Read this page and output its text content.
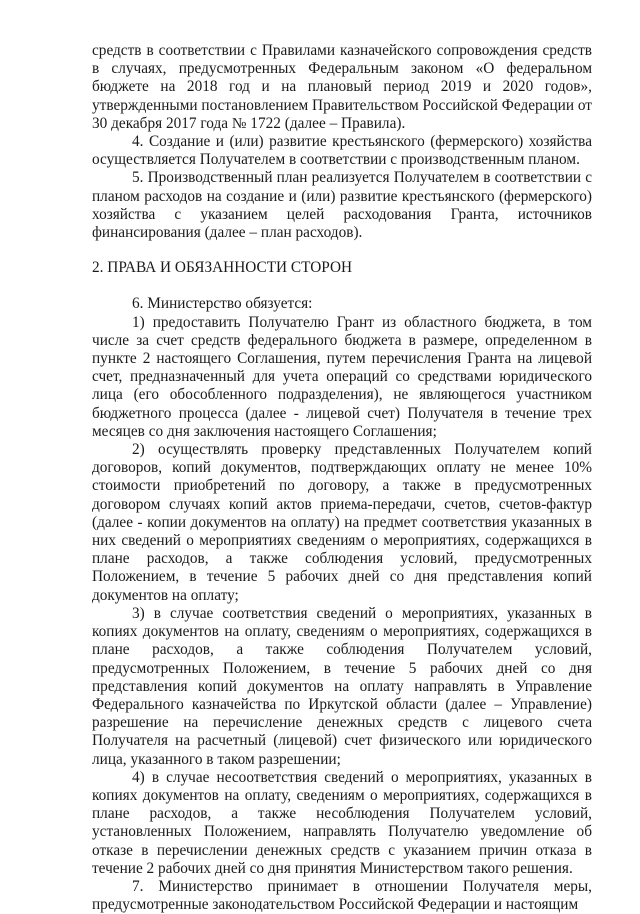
средств в соответствии с Правилами казначейского сопровождения средств в случаях, предусмотренных Федеральным законом «О федеральном бюджете на 2018 год и на плановый период 2019 и 2020 годов», утвержденными постановлением Правительством Российской Федерации от 30 декабря 2017 года № 1722 (далее – Правила).

4. Создание и (или) развитие крестьянского (фермерского) хозяйства осуществляется Получателем в соответствии с производственным планом.

5. Производственный план реализуется Получателем в соответствии с планом расходов на создание и (или) развитие крестьянского (фермерского) хозяйства с указанием целей расходования Гранта, источников финансирования (далее – план расходов).

2. ПРАВА И ОБЯЗАННОСТИ СТОРОН

6. Министерство обязуется:

1) предоставить Получателю Грант из областного бюджета, в том числе за счет средств федерального бюджета в размере, определенном в пункте 2 настоящего Соглашения, путем перечисления Гранта на лицевой счет, предназначенный для учета операций со средствами юридического лица (его обособленного подразделения), не являющегося участником бюджетного процесса (далее - лицевой счет) Получателя в течение трех месяцев со дня заключения настоящего Соглашения;

2) осуществлять проверку представленных Получателем копий договоров, копий документов, подтверждающих оплату не менее 10% стоимости приобретений по договору, а также в предусмотренных договором случаях копий актов приема-передачи, счетов, счетов-фактур (далее - копии документов на оплату) на предмет соответствия указанных в них сведений о мероприятиях сведениям о мероприятиях, содержащихся в плане расходов, а также соблюдения условий, предусмотренных Положением, в течение 5 рабочих дней со дня представления копий документов на оплату;

3) в случае соответствия сведений о мероприятиях, указанных в копиях документов на оплату, сведениям о мероприятиях, содержащихся в плане расходов, а также соблюдения Получателем условий, предусмотренных Положением, в течение 5 рабочих дней со дня представления копий документов на оплату направлять в Управление Федерального казначейства по Иркутской области (далее – Управление) разрешение на перечисление денежных средств с лицевого счета Получателя на расчетный (лицевой) счет физического или юридического лица, указанного в таком разрешении;

4) в случае несоответствия сведений о мероприятиях, указанных в копиях документов на оплату, сведениям о мероприятиях, содержащихся в плане расходов, а также несоблюдения Получателем условий, установленных Положением, направлять Получателю уведомление об отказе в перечислении денежных средств с указанием причин отказа в течение 2 рабочих дней со дня принятия Министерством такого решения.

7. Министерство принимает в отношении Получателя меры, предусмотренные законодательством Российской Федерации и настоящим
